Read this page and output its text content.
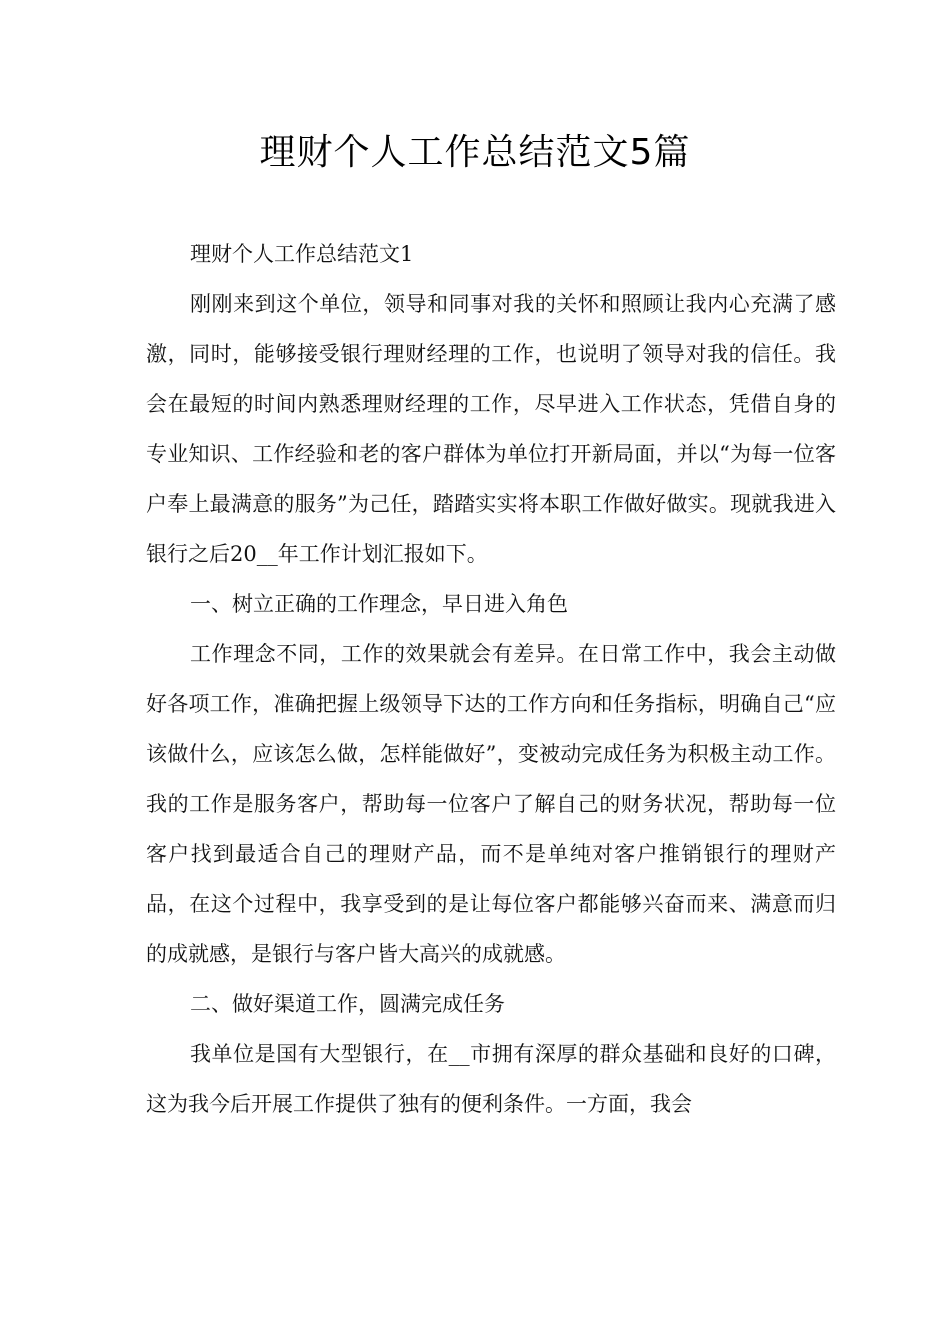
理财个人工作总结范文5篇

理财个人工作总结范文1

刚刚来到这个单位，领导和同事对我的关怀和照顾让我内心充满了感激，同时，能够接受银行理财经理的工作，也说明了领导对我的信任。我会在最短的时间内熟悉理财经理的工作，尽早进入工作状态，凭借自身的专业知识、工作经验和老的客户群体为单位打开新局面，并以“为每一位客户奉上最满意的服务”为己任，踏踏实实将本职工作做好做实。现就我进入银行之后20__年工作计划汇报如下。

一、树立正确的工作理念，早日进入角色

工作理念不同，工作的效果就会有差异。在日常工作中，我会主动做好各项工作，准确把握上级领导下达的工作方向和任务指标，明确自己“应该做什么，应该怎么做，怎样能做好”，变被动完成任务为积极主动工作。我的工作是服务客户，帮助每一位客户了解自己的财务状况，帮助每一位客户找到最适合自己的理财产品，而不是单纯对客户推销银行的理财产品，在这个过程中，我享受到的是让每位客户都能够兴奋而来、满意而归的成就感，是银行与客户皆大高兴的成就感。

二、做好渠道工作，圆满完成任务

我单位是国有大型银行，在__市拥有深厚的群众基础和良好的口碑，这为我今后开展工作提供了独有的便利条件。一方面，我会
